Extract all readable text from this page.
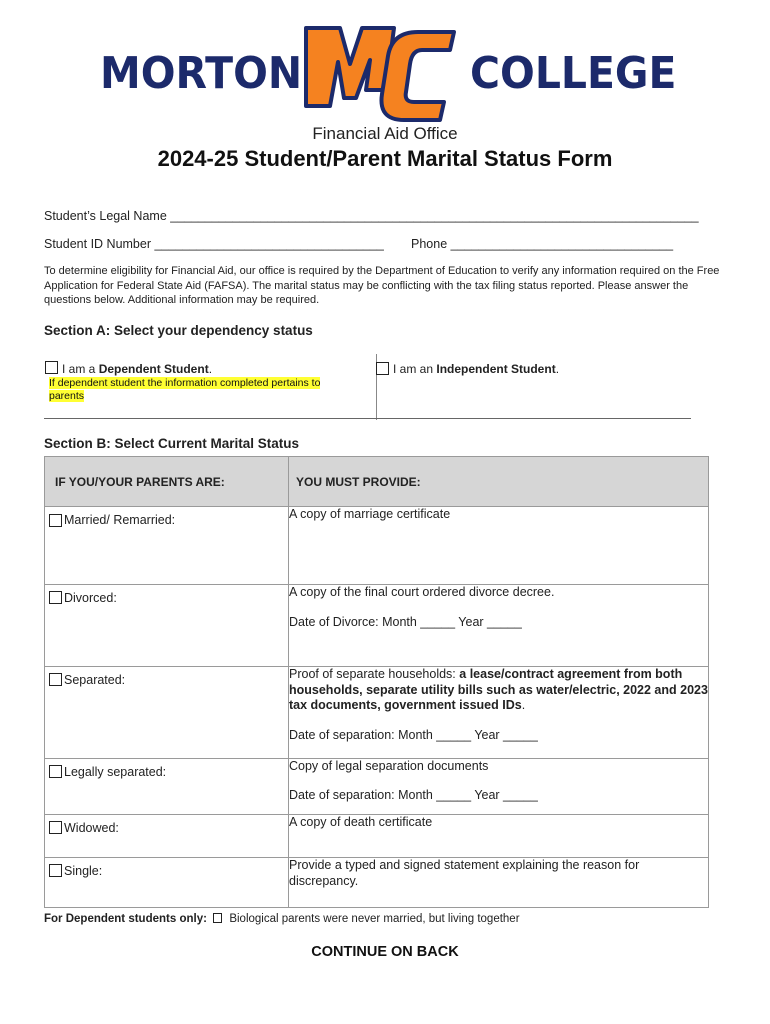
MORTON	COLLEGE
Financial Aid Office
2024-25 Student/Parent Marital Status Form
Student’s Legal Name ____________________________________________________________________________
Student ID Number _________________________________ Phone ________________________________
To determine eligibility for Financial Aid, our office is required by the Department of Education to verify any information required on the Free Application for Federal State Aid (FAFSA). The marital status may be conflicting with the tax filing status reported. Please answer the questions below. Additional information may be required.
Section A: Select your dependency status
I am a Dependent Student.
If dependent student the information completed pertains to parents
I am an Independent Student.
Section B: Select Current Marital Status
IF YOU/YOUR PARENTS ARE:	YOU MUST PROVIDE:

Married/ Remarried:	A copy of marriage certificate

Divorced:	A copy of the final court ordered divorce decree.

Date of Divorce: Month _____ Year _____

Separated:	Proof of separate households: a lease/contract agreement from both households, separate utility bills such as water/electric, 2022 and 2023 tax documents, government issued IDs.

Date of separation: Month _____ Year _____

Legally separated:	Copy of legal separation documents

Date of separation: Month _____ Year _____

Widowed:	A copy of death certificate

Single:	Provide a typed and signed statement explaining the reason for discrepancy.

For Dependent students only: Biological parents were never married, but living together
CONTINUE ON BACK
